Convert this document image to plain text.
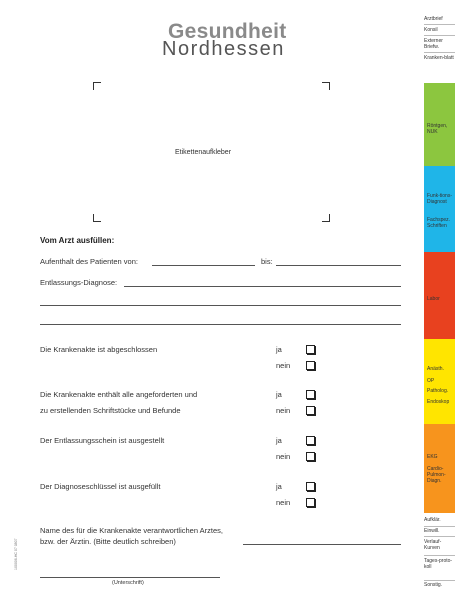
Gesundheit
Nordhessen
Etikettenaufkleber
Vom Arzt ausfüllen:
Aufenthalt des Patienten von:	bis:
Entlassungs-Diagnose:
Die Krankenakte ist abgeschlossen	ja
nein
Die Krankenakte enthält alle angeforderten und
zu erstellenden Schriftstücke und Befunde
ja
nein
Der Entlassungsschein ist ausgestellt	ja
nein
Der Diagnoseschlüssel ist ausgefüllt	ja
nein
Name des für die Krankenakte verantwortlichen Arztes,
bzw. der Ärztin. (Bitte deutlich schreiben)
(Unterschrift)
100006-HC 07 0807
Arztbrief
Konsil
Externer Briefw.
Kranken-blatt
Röntgen, NUK
Funk-tions-Diagnost
Fachspez. Schriften
Labor
Anästh.
OP
Patholog.
Endoskop
EKG
Cardio-Pulmon-Diagn.
Aufklär.
Einwill.
Verlauf-Kurven
Tages-proto-koll
Sonstig.
